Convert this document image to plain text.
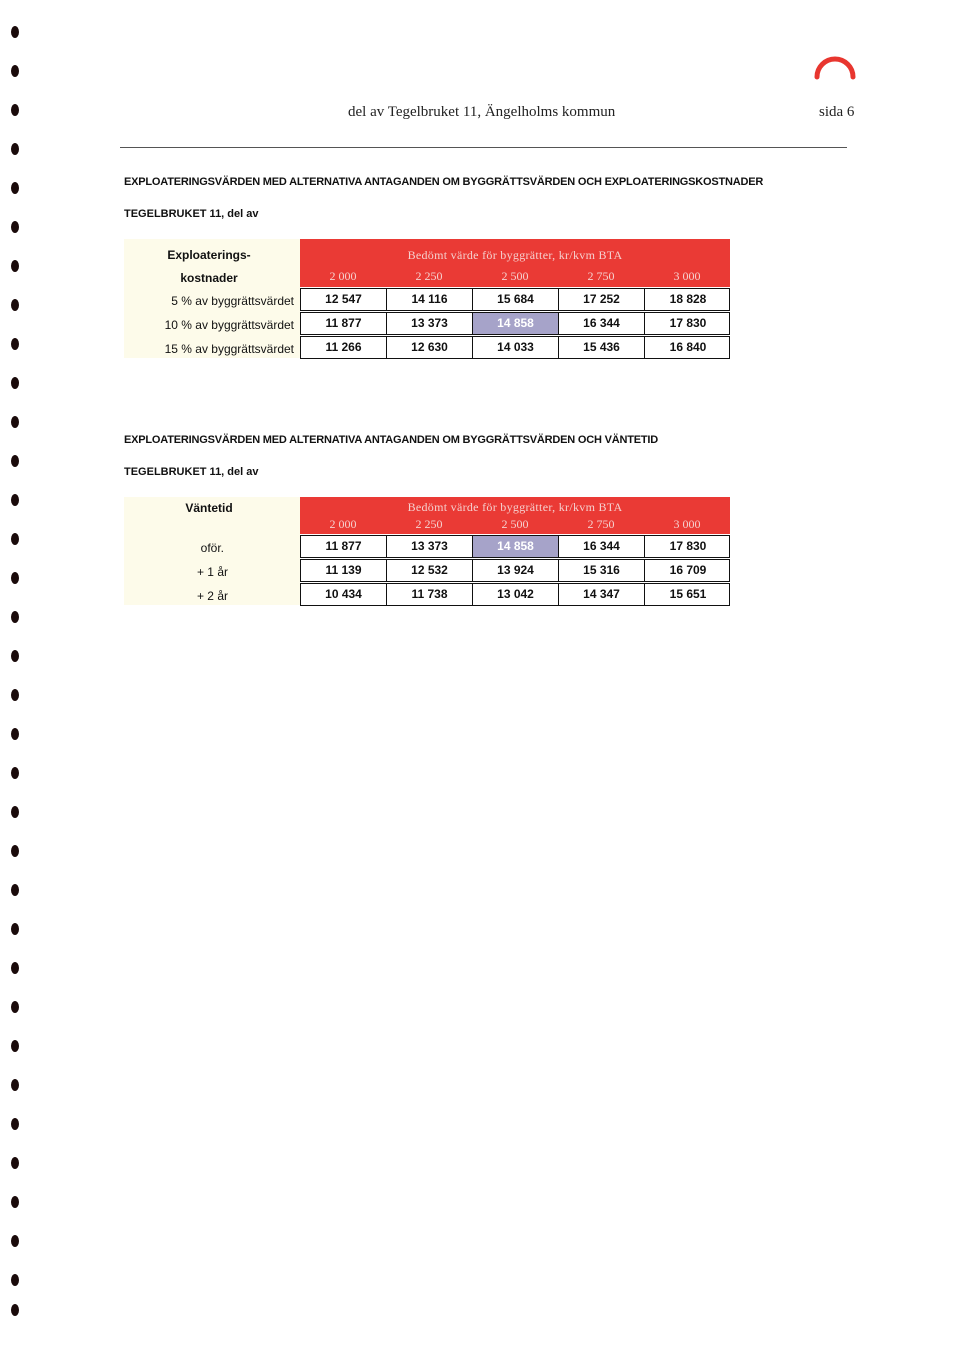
del av Tegelbruket 11, Ängelholms kommun	sida 6
EXPLOATERINGSVÄRDEN MED ALTERNATIVA ANTAGANDEN OM BYGGRÄTTSVÄRDEN OCH EXPLOATERINGSKOSTNADER
TEGELBRUKET 11, del av
Exploaterings-
kostnader
Bedömt värde för byggrätter, kr/kvm BTA
2 000	2 250	2 500	2 750	3 000
5 % av byggrättsvärdet	12 547	14 116	15 684	17 252	18 828
10 % av byggrättsvärdet	11 877	13 373	14 858	16 344	17 830
15 % av byggrättsvärdet	11 266	12 630	14 033	15 436	16 840
EXPLOATERINGSVÄRDEN MED ALTERNATIVA ANTAGANDEN OM BYGGRÄTTSVÄRDEN OCH VÄNTETID
TEGELBRUKET 11, del av
Väntetid	Bedömt värde för byggrätter, kr/kvm BTA
2 000	2 250	2 500	2 750	3 000
oför.	11 877	13 373	14 858	16 344	17 830
+ 1 år	11 139	12 532	13 924	15 316	16 709
+ 2 år	10 434	11 738	13 042	14 347	15 651
